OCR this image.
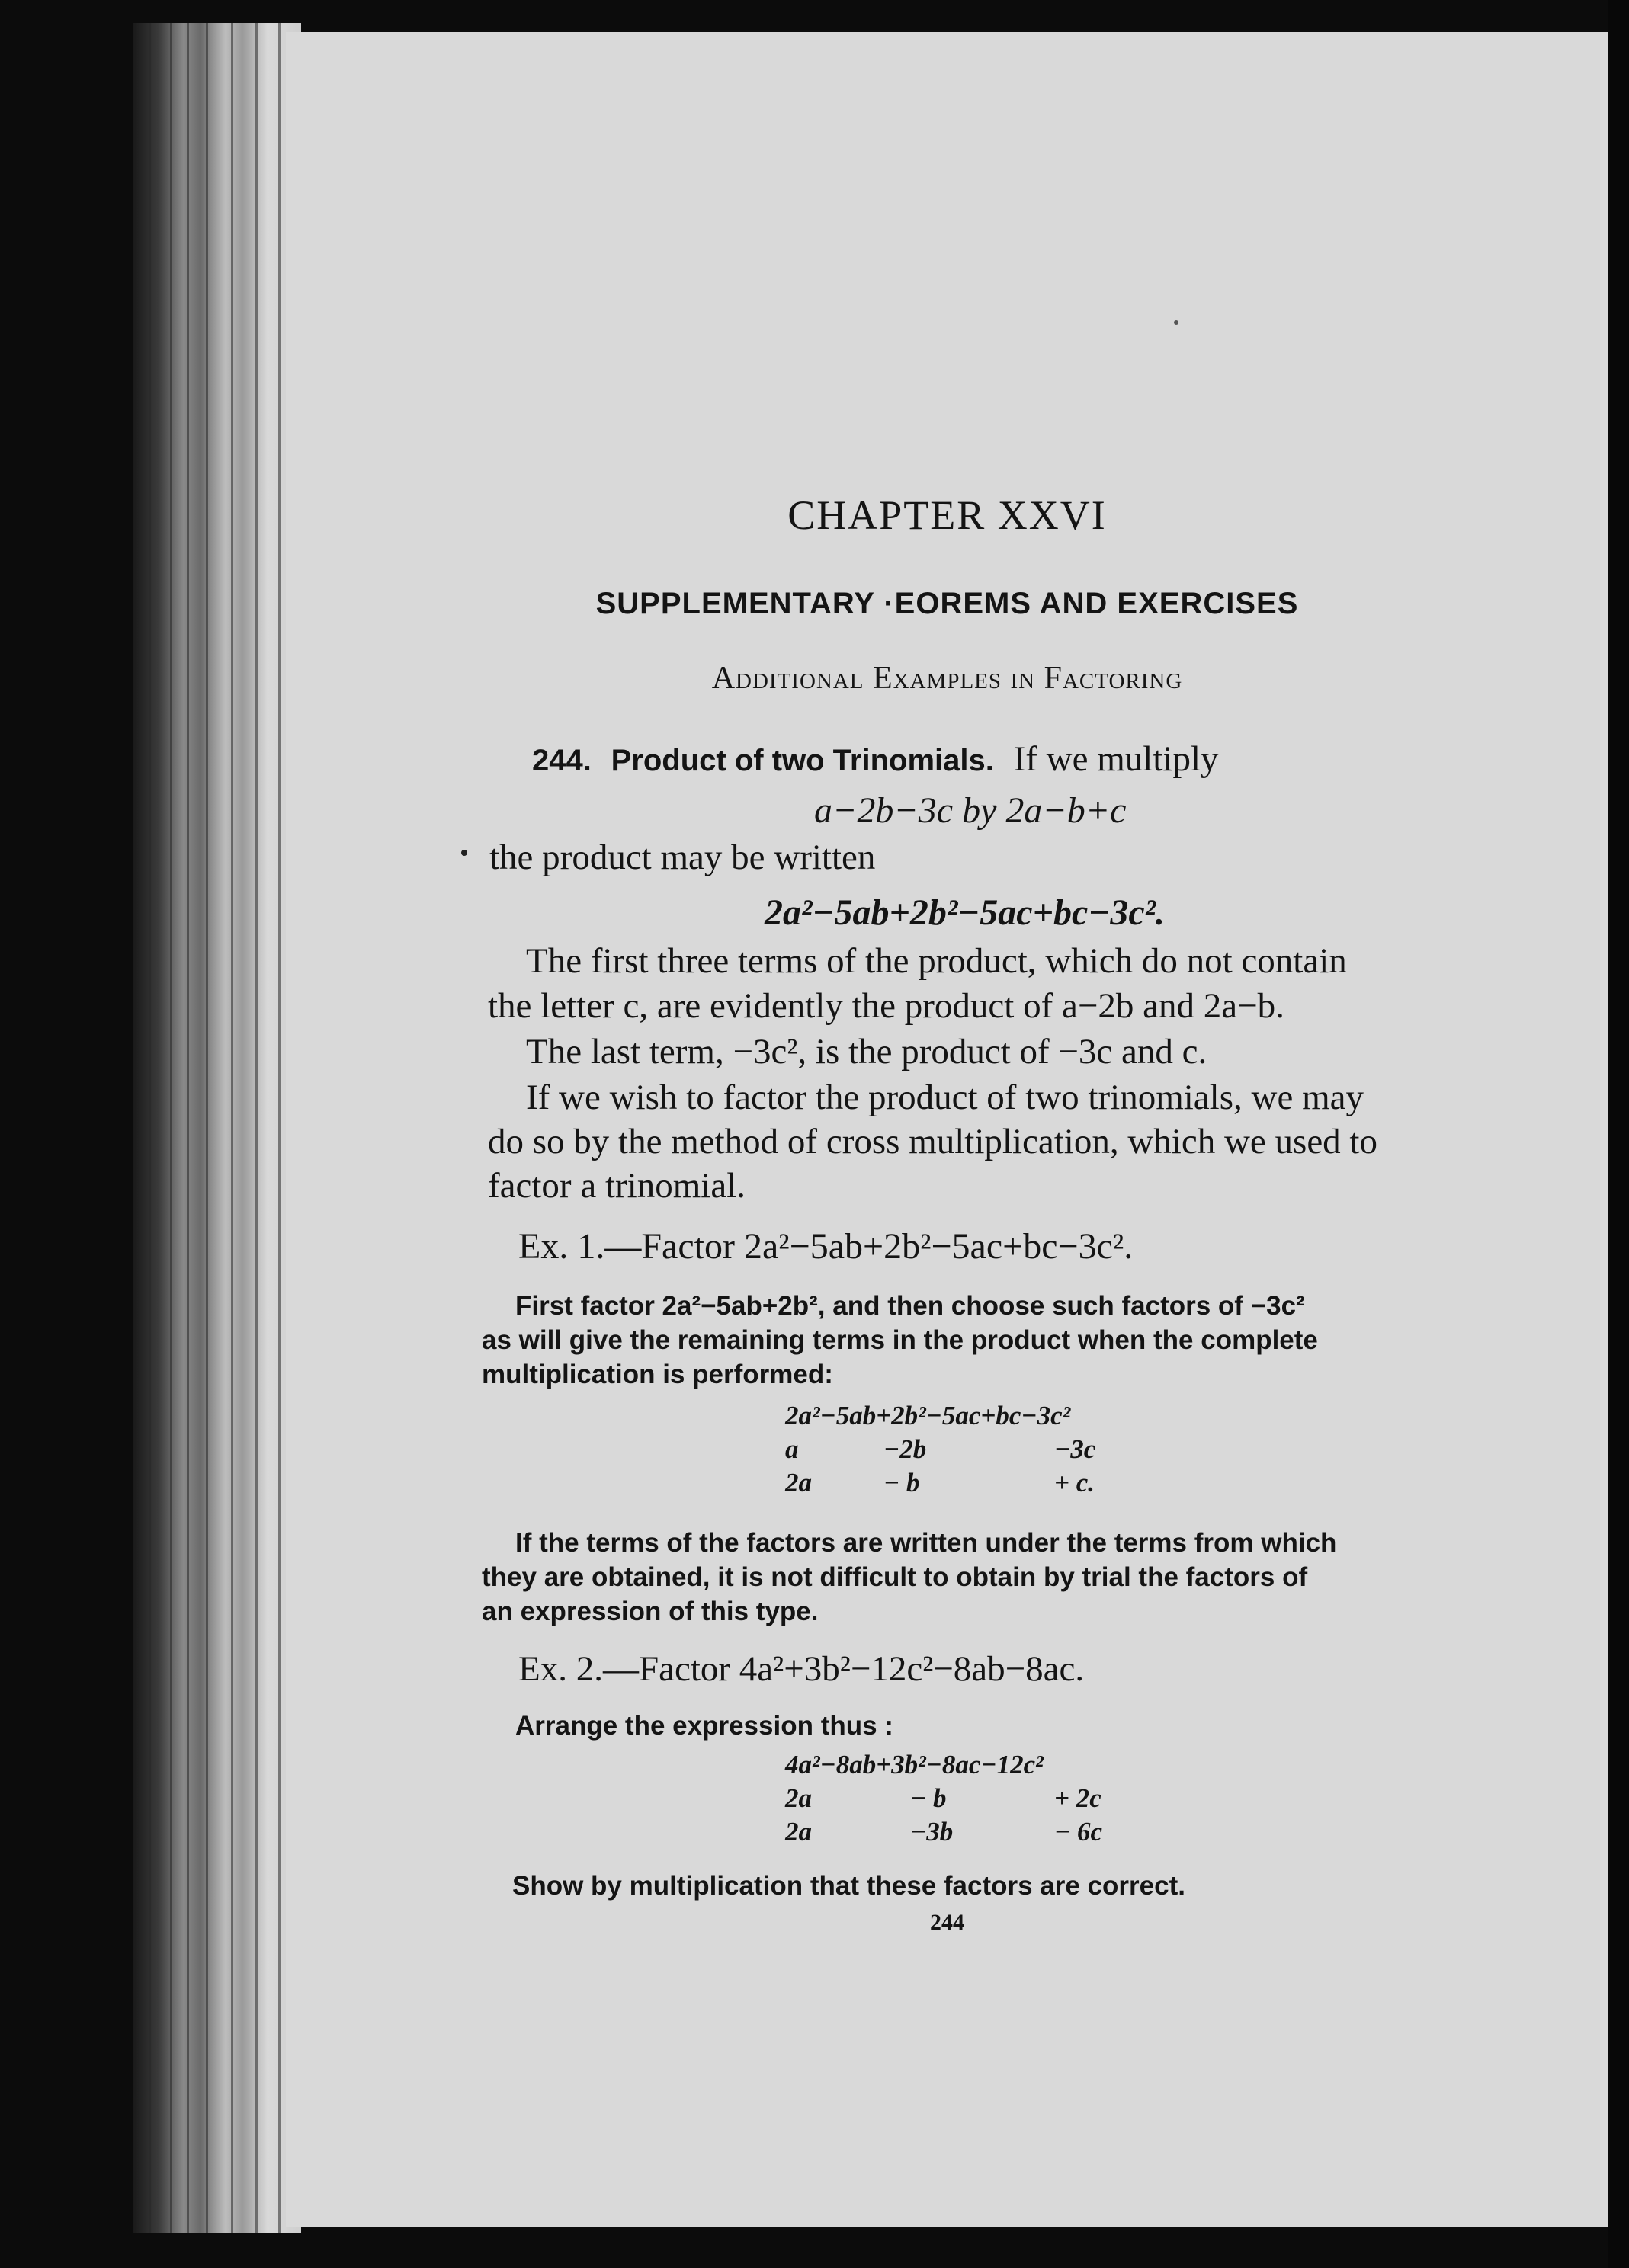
CHAPTER XXVI
SUPPLEMENTARY ·EOREMS AND EXERCISES
Additional Examples in Factoring
244. Product of two Trinomials. If we multiply
a−2b−3c by 2a−b+c
the product may be written
2a²−5ab+2b²−5ac+bc−3c².
The first three terms of the product, which do not contain
the letter c, are evidently the product of a−2b and 2a−b.
The last term, −3c², is the product of −3c and c.
If we wish to factor the product of two trinomials, we may
do so by the method of cross multiplication, which we used to
factor a trinomial.
Ex. 1.—Factor 2a²−5ab+2b²−5ac+bc−3c².
First factor 2a²−5ab+2b², and then choose such factors of −3c²
as will give the remaining terms in the product when the complete
multiplication is performed:
2a²−5ab+2b²−5ac+bc−3c²		
a	−2b	−3c
2a	− b	+ c.
If the terms of the factors are written under the terms from which
they are obtained, it is not difficult to obtain by trial the factors of
an expression of this type.
Ex. 2.—Factor 4a²+3b²−12c²−8ab−8ac.
Arrange the expression thus :
4a²−8ab+3b²−8ac−12c²		
2a	− b	+ 2c
2a	−3b	− 6c
Show by multiplication that these factors are correct.
244
